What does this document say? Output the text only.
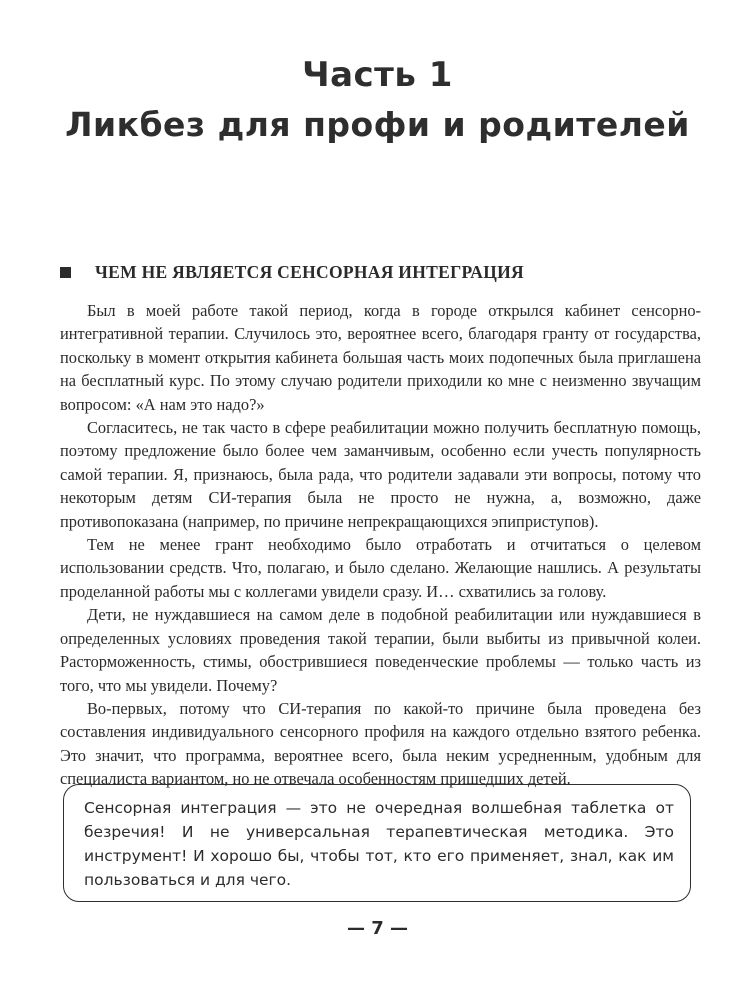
Часть 1
Ликбез для профи и родителей
ЧЕМ НЕ ЯВЛЯЕТСЯ СЕНСОРНАЯ ИНТЕГРАЦИЯ

Был в моей работе такой период, когда в городе открылся кабинет сенсорно-интегративной терапии. Случилось это, вероятнее всего, благодаря гранту от государства, поскольку в момент открытия кабинета большая часть моих подопечных была приглашена на бесплатный курс. По этому случаю родители приходили ко мне с неизменно звучащим вопросом: «А нам это надо?»

Согласитесь, не так часто в сфере реабилитации можно получить бесплатную помощь, поэтому предложение было более чем заманчивым, особенно если учесть популярность самой терапии. Я, признаюсь, была рада, что родители задавали эти вопросы, потому что некоторым детям СИ-терапия была не просто не нужна, а, возможно, даже противопоказана (например, по причине непрекращающихся эпиприступов).

Тем не менее грант необходимо было отработать и отчитаться о целевом использовании средств. Что, полагаю, и было сделано. Желающие нашлись. А результаты проделанной работы мы с коллегами увидели сразу. И… схватились за голову.

Дети, не нуждавшиеся на самом деле в подобной реабилитации или нуждавшиеся в определенных условиях проведения такой терапии, были выбиты из привычной колеи. Расторможенность, стимы, обострившиеся поведенческие проблемы — только часть из того, что мы увидели. Почему?

Во-первых, потому что СИ-терапия по какой-то причине была проведена без составления индивидуального сенсорного профиля на каждого отдельно взятого ребенка. Это значит, что программа, вероятнее всего, была неким усредненным, удобным для специалиста вариантом, но не отвечала особенностям пришедших детей.

Сенсорная интеграция — это не очередная волшебная таблетка от безречия! И не универсальная терапевтическая методика. Это инструмент! И хорошо бы, чтобы тот, кто его применяет, знал, как им пользоваться и для чего.

— 7 —
